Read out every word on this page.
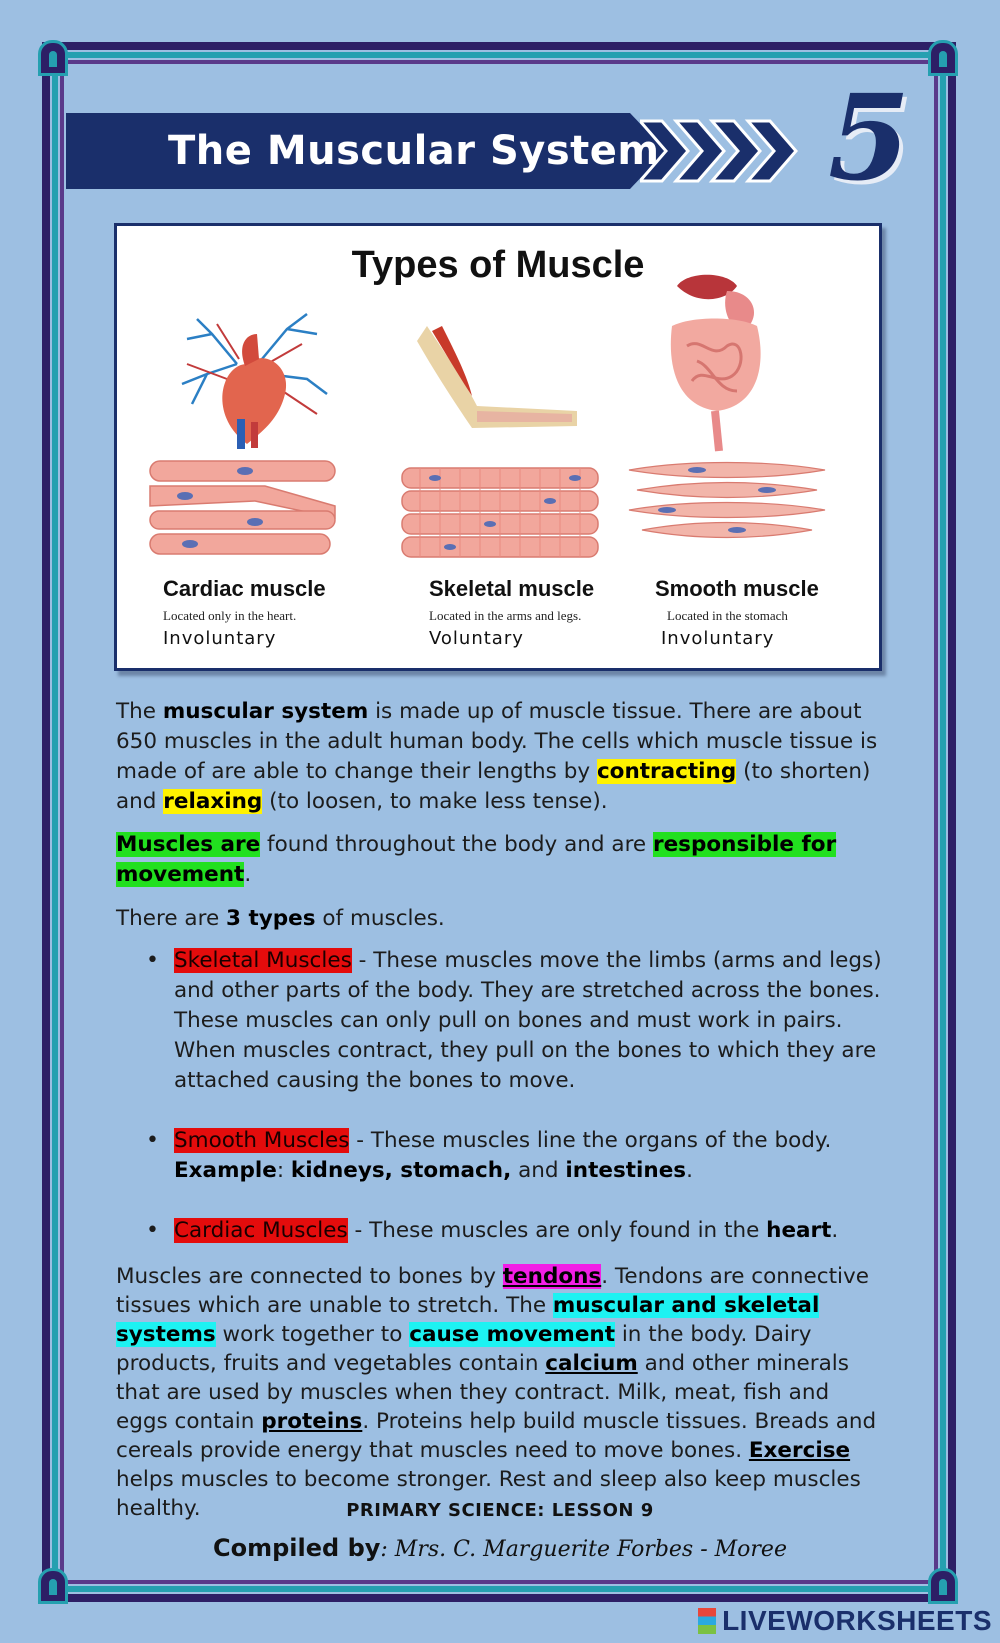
The Muscular System 5
Types of Muscle
Cardiac muscle
Located only in the heart.
Involuntary
Skeletal muscle
Located in the arms and legs.
Voluntary
Smooth muscle
Located in the stomach
Involuntary

The muscular system is made up of muscle tissue. There are about 650 muscles in the adult human body. The cells which muscle tissue is made of are able to change their lengths by contracting (to shorten) and relaxing (to loosen, to make less tense).

Muscles are found throughout the body and are responsible for movement.

There are 3 types of muscles.

• Skeletal Muscles - These muscles move the limbs (arms and legs) and other parts of the body. They are stretched across the bones. These muscles can only pull on bones and must work in pairs. When muscles contract, they pull on the bones to which they are attached causing the bones to move.
• Smooth Muscles - These muscles line the organs of the body.
Example: kidneys, stomach, and intestines.
• Cardiac Muscles - These muscles are only found in the heart.

Muscles are connected to bones by tendons. Tendons are connective tissues which are unable to stretch. The muscular and skeletal systems work together to cause movement in the body. Dairy products, fruits and vegetables contain calcium and other minerals that are used by muscles when they contract. Milk, meat, fish and eggs contain proteins. Proteins help build muscle tissues. Breads and cereals provide energy that muscles need to move bones. Exercise helps muscles to become stronger. Rest and sleep also keep muscles healthy.	PRIMARY SCIENCE: LESSON 9
Compiled by: Mrs. C. Marguerite Forbes - Moree
LIVEWORKSHEETS
